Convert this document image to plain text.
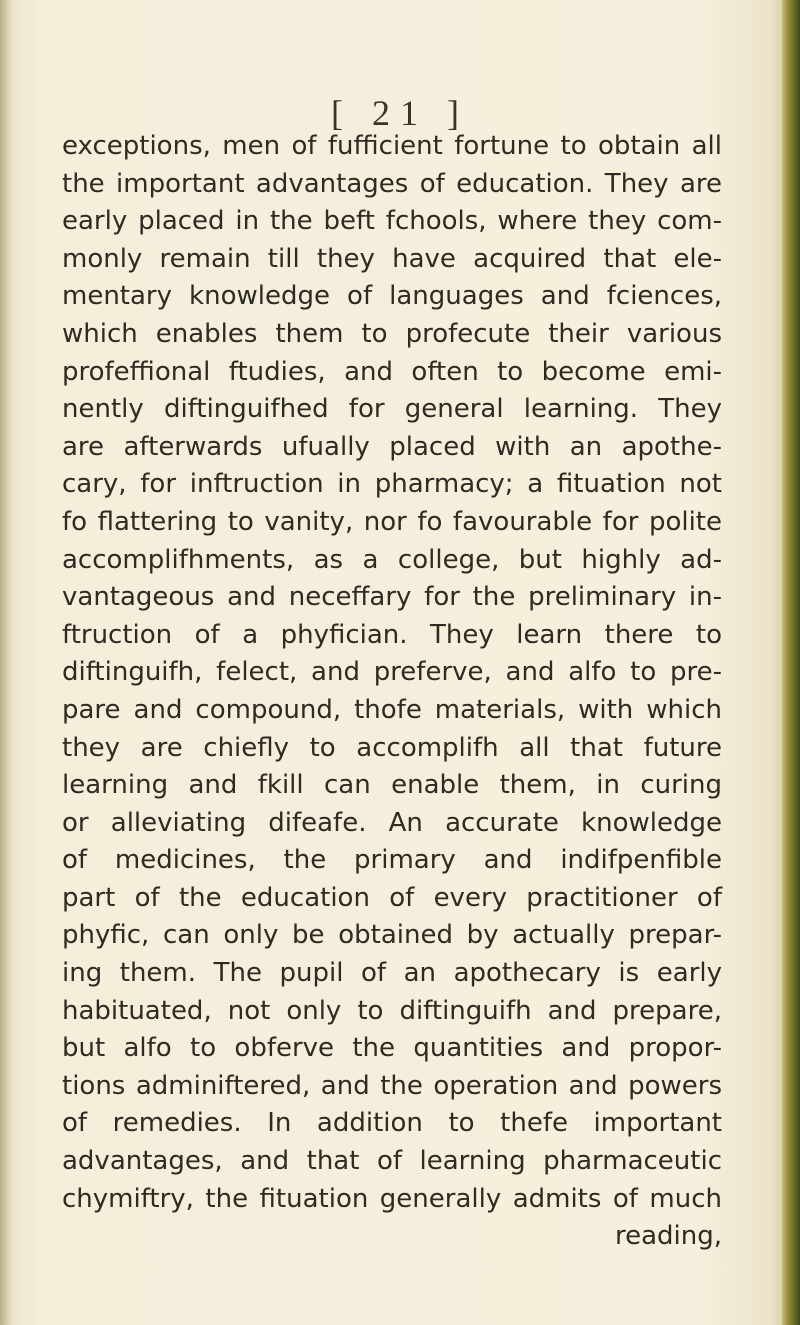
[ 21 ]
exceptions, men of fufficient fortune to obtain all
the important advantages of education. They are
early placed in the beft fchools, where they com-
monly remain till they have acquired that ele-
mentary knowledge of languages and fciences,
which enables them to profecute their various
profeffional ftudies, and often to become emi-
nently diftinguifhed for general learning. They
are afterwards ufually placed with an apothe-
cary, for inftruction in pharmacy; a fituation not
fo flattering to vanity, nor fo favourable for polite
accomplifhments, as a college, but highly ad-
vantageous and neceffary for the preliminary in-
ftruction of a phyfician. They learn there to
diftinguifh, felect, and preferve, and alfo to pre-
pare and compound, thofe materials, with which
they are chiefly to accomplifh all that future
learning and fkill can enable them, in curing
or alleviating difeafe. An accurate knowledge
of medicines, the primary and indifpenfible
part of the education of every practitioner of
phyfic, can only be obtained by actually prepar-
ing them. The pupil of an apothecary is early
habituated, not only to diftinguifh and prepare,
but alfo to obferve the quantities and propor-
tions adminiftered, and the operation and powers
of remedies. In addition to thefe important
advantages, and that of learning pharmaceutic
chymiftry, the fituation generally admits of much
reading,
